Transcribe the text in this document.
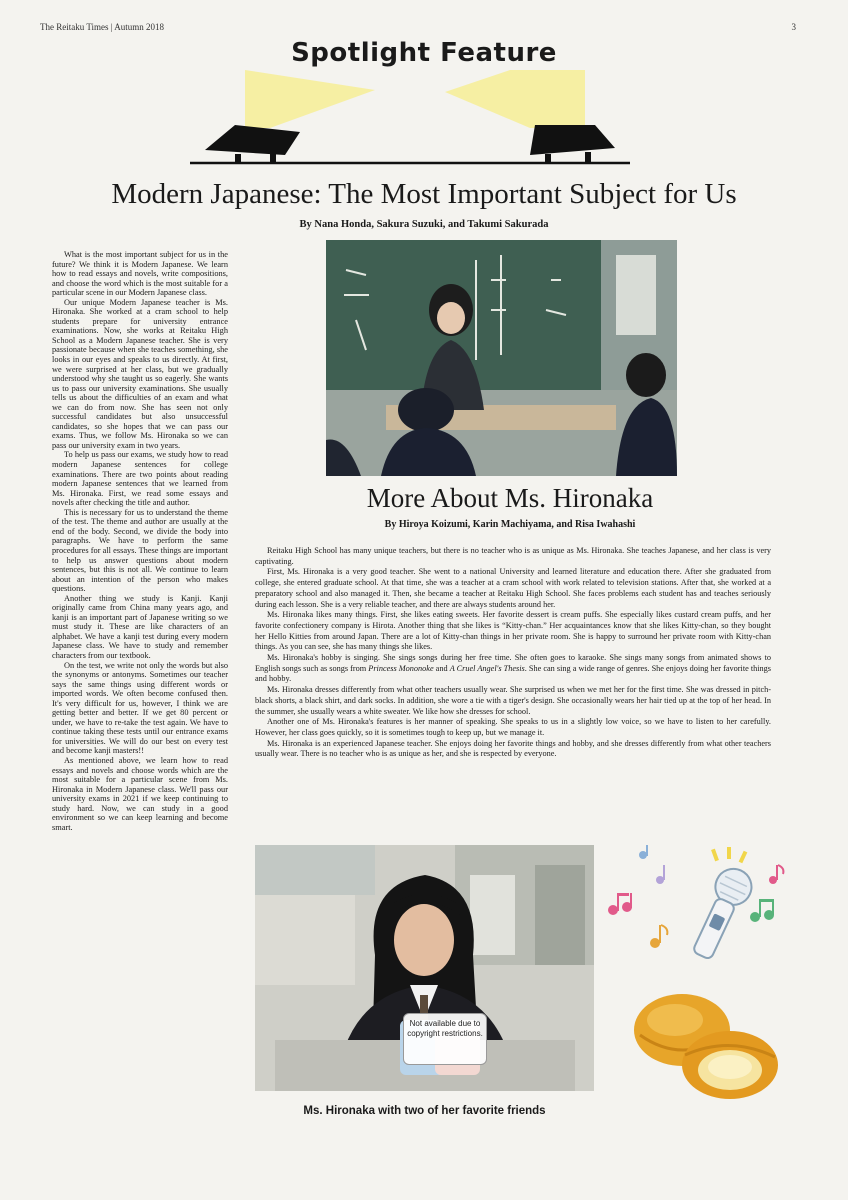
The Reitaku Times | Autumn 2018	3
Spotlight Feature
Modern Japanese: The Most Important Subject for Us
By Nana Honda, Sakura Suzuki, and Takumi Sakurada

What is the most important subject for us in the future? We think it is Modern Japanese. We learn how to read essays and novels, write compositions, and choose the word which is the most suitable for a particular scene in our Modern Japanese class.

Our unique Modern Japanese teacher is Ms. Hironaka. She worked at a cram school to help students prepare for university entrance examinations. Now, she works at Reitaku High School as a Modern Japanese teacher. She is very passionate because when she teaches something, she looks in our eyes and speaks to us directly. At first, we were surprised at her class, but we gradually understood why she taught us so eagerly. She wants us to pass our university examinations. She usually tells us about the difficulties of an exam and what we can do from now. She has seen not only successful candidates but also unsuccessful candidates, so she hopes that we can pass our exams. Thus, we follow Ms. Hironaka so we can pass our university exam in two years.

To help us pass our exams, we study how to read modern Japanese sentences for college examinations. There are two points about reading modern Japanese sentences that we learned from Ms. Hironaka. First, we read some essays and novels after checking the title and author.

This is necessary for us to understand the theme of the test. The theme and author are usually at the end of the body. Second, we divide the body into paragraphs. We have to perform the same procedures for all essays. These things are important to help us answer questions about modern sentences, but this is not all. We continue to learn about an intention of the person who makes questions.

Another thing we study is Kanji. Kanji originally came from China many years ago, and kanji is an important part of Japanese writing so we must study it. These are like characters of an alphabet. We have a kanji test during every modern Japanese class. We have to study and remember characters from our textbook.

On the test, we write not only the words but also the synonyms or antonyms. Sometimes our teacher says the same things using different words or imported words. We often become confused then. It's very difficult for us, however, I think we are getting better and better. If we get 80 percent or under, we have to re-take the test again. We have to continue taking these tests until our entrance exams for universities. We will do our best on every test and become kanji masters!!

As mentioned above, we learn how to read essays and novels and choose words which are the most suitable for a particular scene from Ms. Hironaka in Modern Japanese class. We'll pass our university exams in 2021 if we keep continuing to study hard. Now, we can study in a good environment so we can keep learning and become smart.

More About Ms. Hironaka
By Hiroya Koizumi, Karin Machiyama, and Risa Iwahashi

Reitaku High School has many unique teachers, but there is no teacher who is as unique as Ms. Hironaka. She teaches Japanese, and her class is very captivating.

First, Ms. Hironaka is a very good teacher. She went to a national University and learned literature and education there. After she graduated from college, she entered graduate school. At that time, she was a teacher at a cram school with work related to television stations. After that, she worked at a preparatory school and also managed it. Then, she became a teacher at Reitaku High School. She faces problems each student has and teaches seriously during each lesson. She is a very reliable teacher, and there are always students around her.

Ms. Hironaka likes many things. First, she likes eating sweets. Her favorite dessert is cream puffs. She especially likes custard cream puffs, and her favorite confectionery company is Hirota. Another thing that she likes is “Kitty-chan.” Her acquaintances know that she likes Kitty-chan, so they bought her Hello Kitties from around Japan. There are a lot of Kitty-chan things in her private room. She is happy to surround her private room with Kitty-chan things. As you can see, she has many things she likes.

Ms. Hironaka's hobby is singing. She sings songs during her free time. She often goes to karaoke. She sings many songs from animated shows to English songs such as songs from Princess Mononoke and A Cruel Angel's Thesis. She can sing a wide range of genres. She enjoys doing her favorite things and hobby.

Ms. Hironaka dresses differently from what other teachers usually wear. She surprised us when we met her for the first time. She was dressed in pitch-black shorts, a black shirt, and dark socks. In addition, she wore a tie with a tiger's design. She occasionally wears her hair tied up at the top of her head. In the summer, she usually wears a white sweater. We like how she dresses for school.

Another one of Ms. Hironaka's features is her manner of speaking. She speaks to us in a slightly low voice, so we have to listen to her carefully. However, her class goes quickly, so it is sometimes tough to keep up, but we manage it.

Ms. Hironaka is an experienced Japanese teacher. She enjoys doing her favorite things and hobby, and she dresses differently from what other teachers usually wear. There is no teacher who is as unique as her, and she is respected by everyone.

Not available due to copyright restrictions.
Ms. Hironaka with two of her favorite friends
